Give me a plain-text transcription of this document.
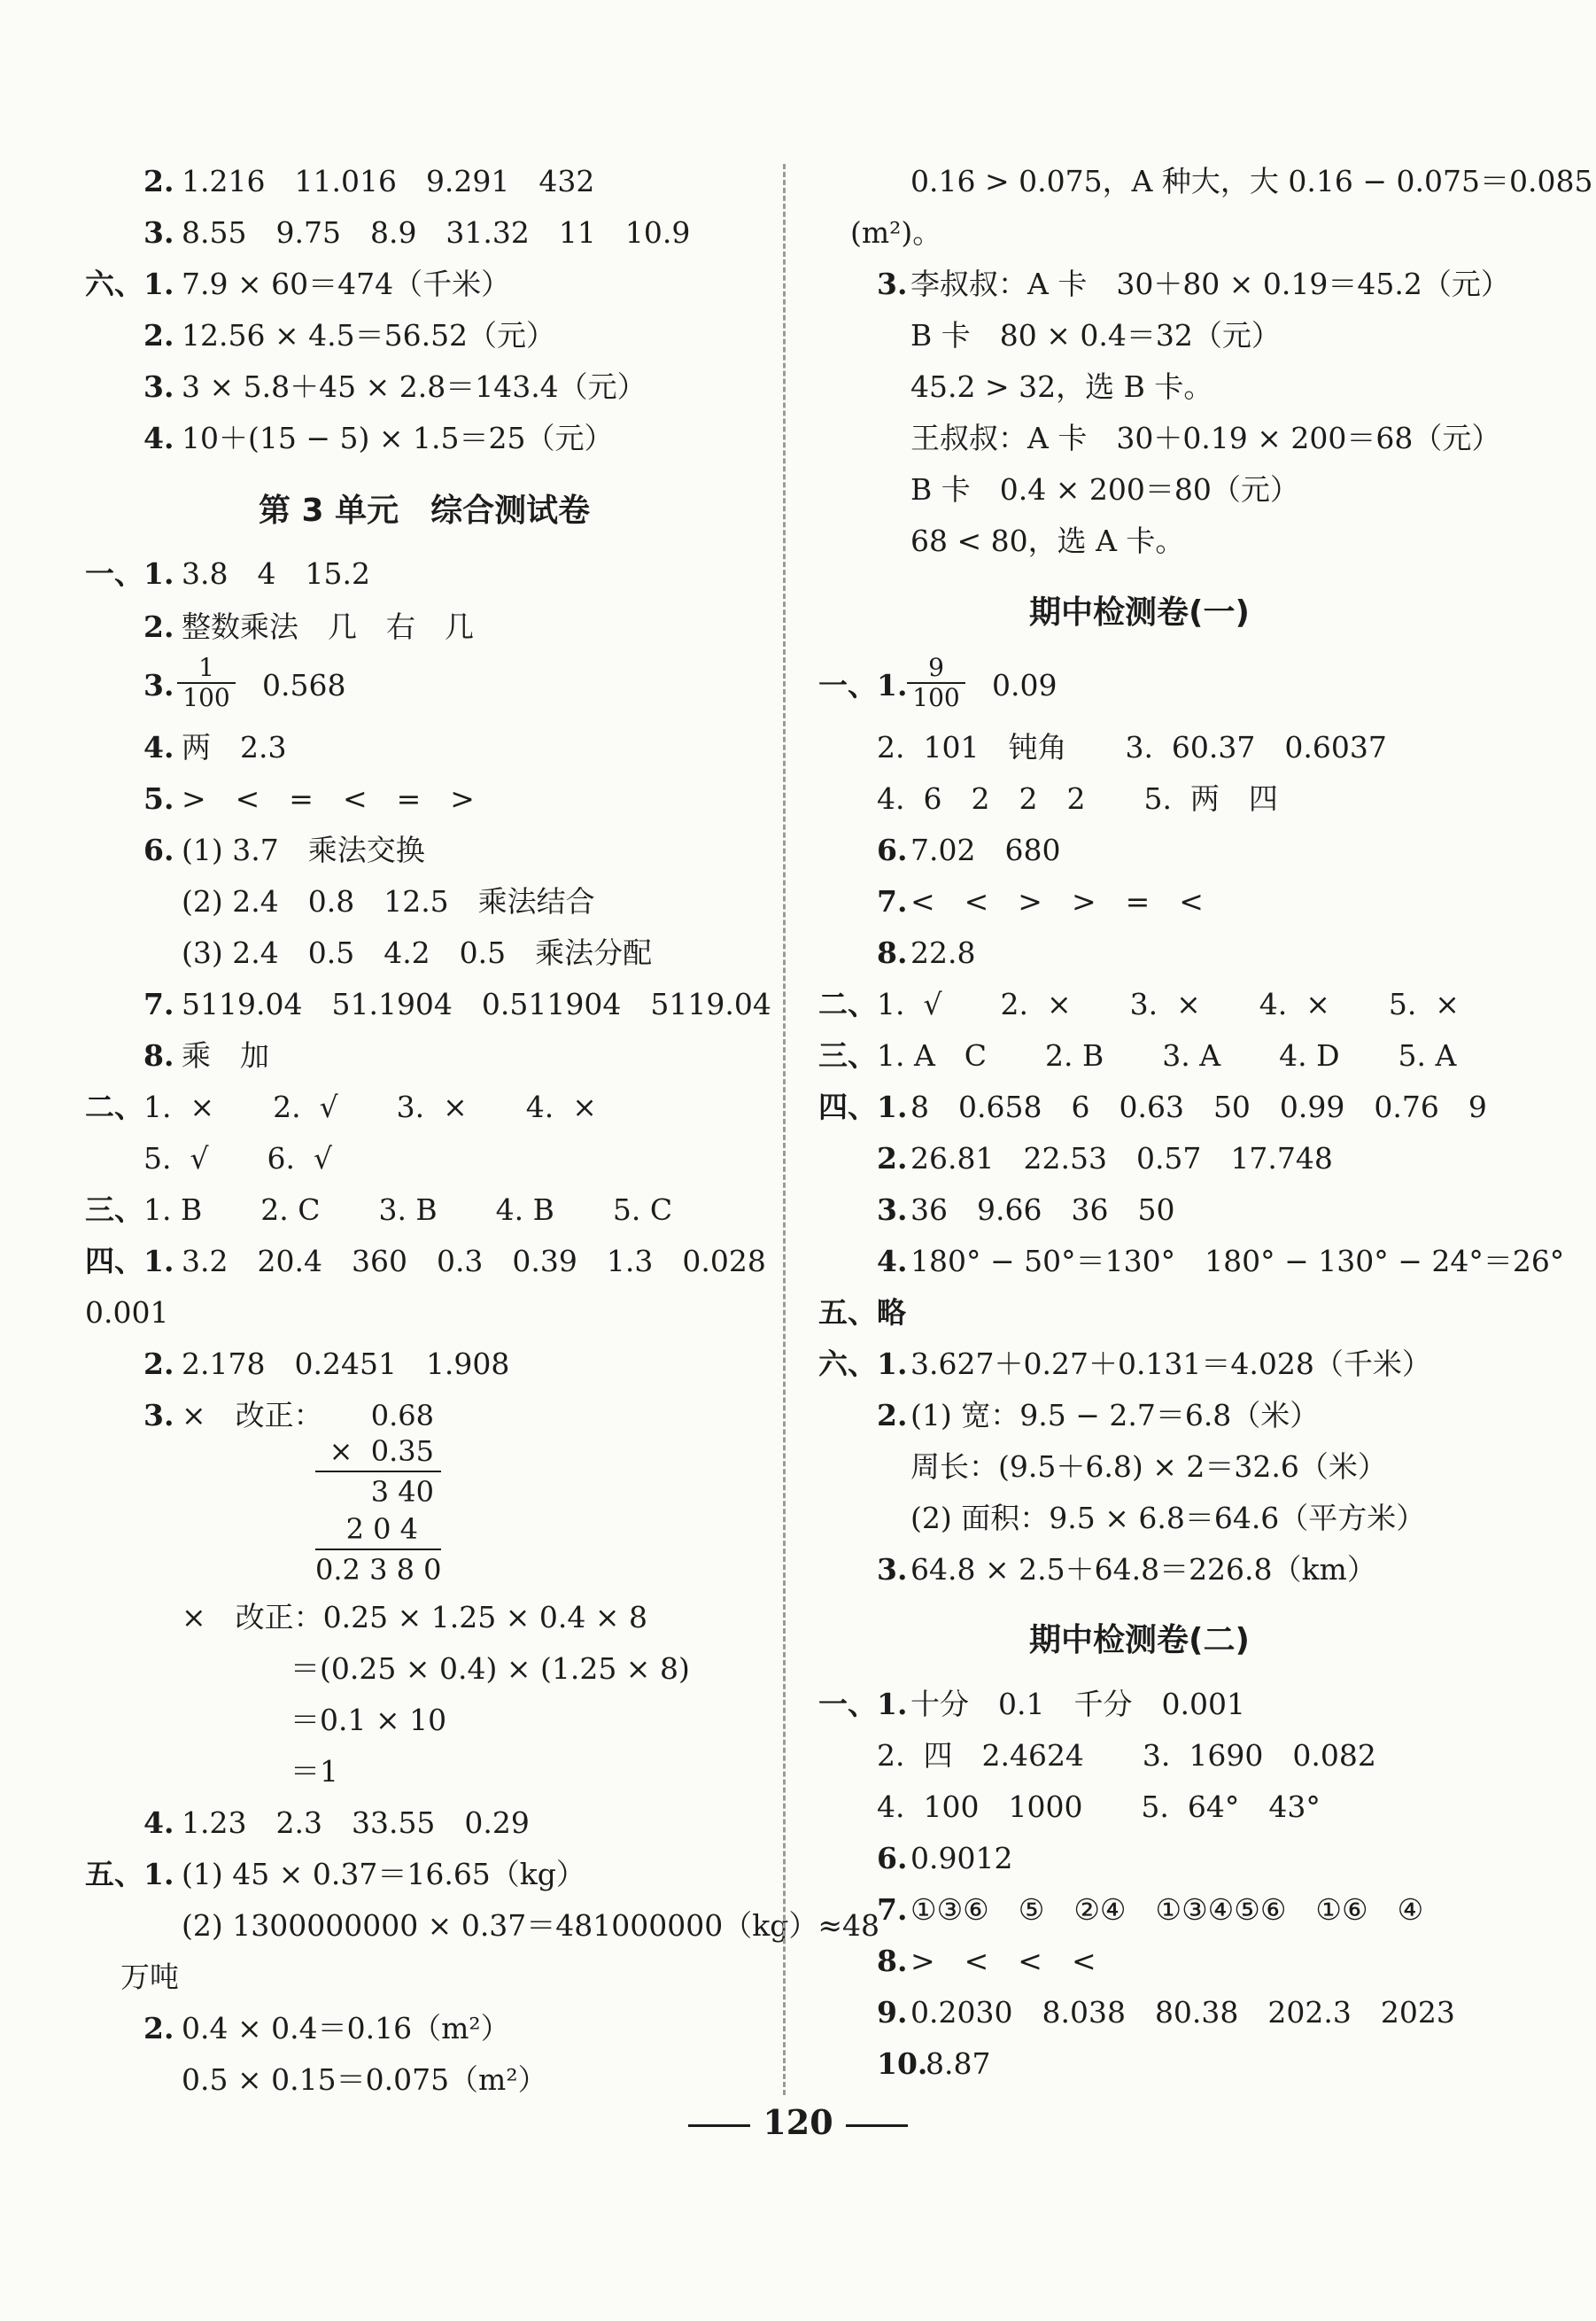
2. 1.216　11.016　9.291　432
3. 8.55　9.75　8.9　31.32　11　10.9
六、 1. 7.9 × 60＝474（千米）
2. 12.56 × 4.5＝56.52（元）
3. 3 × 5.8＋45 × 2.8＝143.4（元）
4. 10＋(15 − 5) × 1.5＝25（元）
第 3 单元　综合测试卷
一、 1. 3.8　4　15.2
2. 整数乘法　几　右　几
3. $\frac{1}{100} 0.568$
4. 两　2.3
5. >　<　=　<　=　>
6. (1) 3.7　乘法交换
(2) 2.4　0.8　12.5　乘法结合
(3) 2.4　0.5　4.2　0.5　乘法分配
7. 5119.04　51.1904　0.511904　5119.04
8. 乘　加
二、 1.  ×　　2.  √　　3.  ×　　4.  ×
5.  √　　6.  √
三、 1. B　　2. C　　3. B　　4. B　　5. C
四、 1. 3.2　20.4　360　0.3　0.39　1.3　0.028
0.001
2. 2.178　0.2451　1.908
3. ×　改正：	0.68
×  0.35
3 40
2 0 4
0.2 3 8 0
×　改正：0.25 × 1.25 × 0.4 × 8
＝(0.25 × 0.4) × (1.25 × 8)
＝0.1 × 10
＝1
4. 1.23　2.3　33.55　0.29
五、 1. (1) 45 × 0.37＝16.65（kg）
(2) 1300000000 × 0.37＝481000000（kg）≈48
万吨
2. 0.4 × 0.4＝0.16（m²）
0.5 × 0.15＝0.075（m²）
0.16 > 0.075，A 种大，大 0.16 − 0.075＝0.085
(m²)。
3. 李叔叔：A 卡　30＋80 × 0.19＝45.2（元）
B 卡　80 × 0.4＝32（元）
45.2 > 32，选 B 卡。
王叔叔：A 卡　30＋0.19 × 200＝68（元）
B 卡　0.4 × 200＝80（元）
68 < 80，选 A 卡。
期中检测卷(一)
一、 1. $\frac{9}{100} 0.09$
2.  101　钝角　　3.  60.37　0.6037
4.  6　2　2　2　　5.  两　四
6. 7.02　680
7. <　<　>　>　=　<
8. 22.8
二、 1.  √　　2.  ×　　3.  ×　　4.  ×　　5.  ×
三、 1. A　C　　2. B　　3. A　　4. D　　5. A
四、 1. 8　0.658　6　0.63　50　0.99　0.76　9
2. 26.81　22.53　0.57　17.748
3. 36　9.66　36　50
4. 180° − 50°＝130°　180° − 130° − 24°＝26°
五、略
六、 1. 3.627＋0.27＋0.131＝4.028（千米）
2. (1) 宽：9.5 − 2.7＝6.8（米）
周长：(9.5＋6.8) × 2＝32.6（米）
(2) 面积：9.5 × 6.8＝64.6（平方米）
3. 64.8 × 2.5＋64.8＝226.8（km）
期中检测卷(二)
一、 1. 十分　0.1　千分　0.001
2.  四　2.4624　　3.  1690　0.082
4.  100　1000　　5.  64°　43°
6. 0.9012
7. ①③⑥　⑤　②④　①③④⑤⑥　①⑥　④
8. >　<　<　<
9. 0.2030　8.038　80.38　202.3　2023
10.
8.87
120
